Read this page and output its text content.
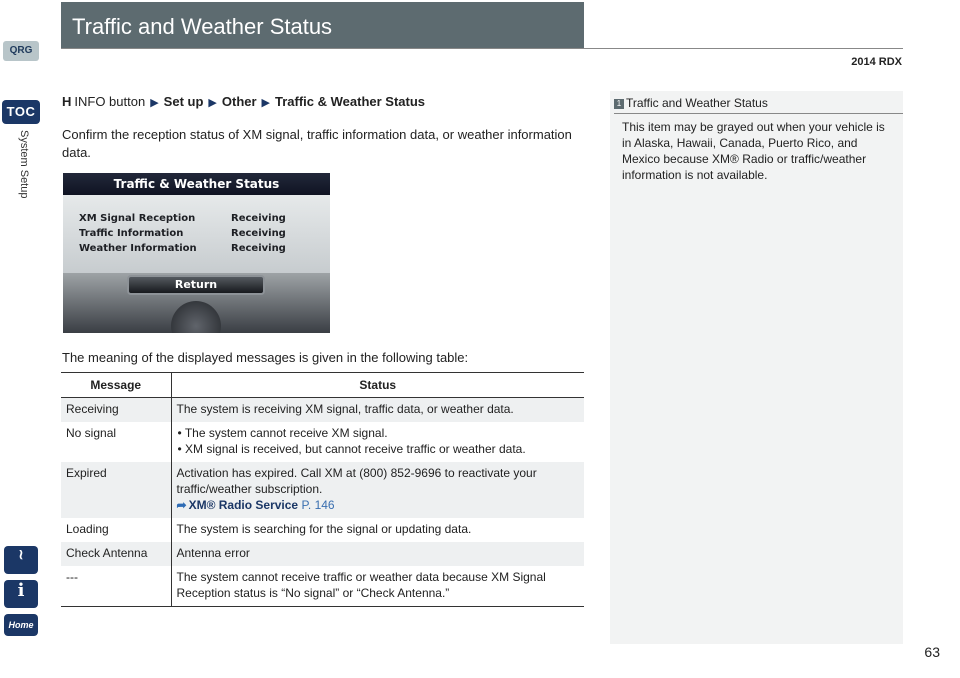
QRG
TOC
System Setup
≀
i
Home
Traffic and Weather Status
2014 RDX
H INFO button ▶ Set up ▶ Other ▶ Traffic & Weather Status
Confirm the reception status of XM signal, traffic information data, or weather information data.
Traffic & Weather Status
XM Signal Reception	Receiving
Traffic Information	Receiving
Weather Information	Receiving
Return
The meaning of the displayed messages is given in the following table:
Message	Status
Receiving	The system is receiving XM signal, traffic data, or weather data.
No signal	• The system cannot receive XM signal.
• XM signal is received, but cannot receive traffic or weather data.

Expired	Activation has expired. Call XM at (800) 852-9696 to reactivate your traffic/weather subscription.
➦ XM® Radio Service P. 146
Loading	The system is searching for the signal or updating data.
Check Antenna	Antenna error
---	The system cannot receive traffic or weather data because XM Signal Reception status is “No signal” or “Check Antenna.”
1 Traffic and Weather Status
This item may be grayed out when your vehicle is in Alaska, Hawaii, Canada, Puerto Rico, and Mexico because XM® Radio or traffic/weather information is not available.
63
